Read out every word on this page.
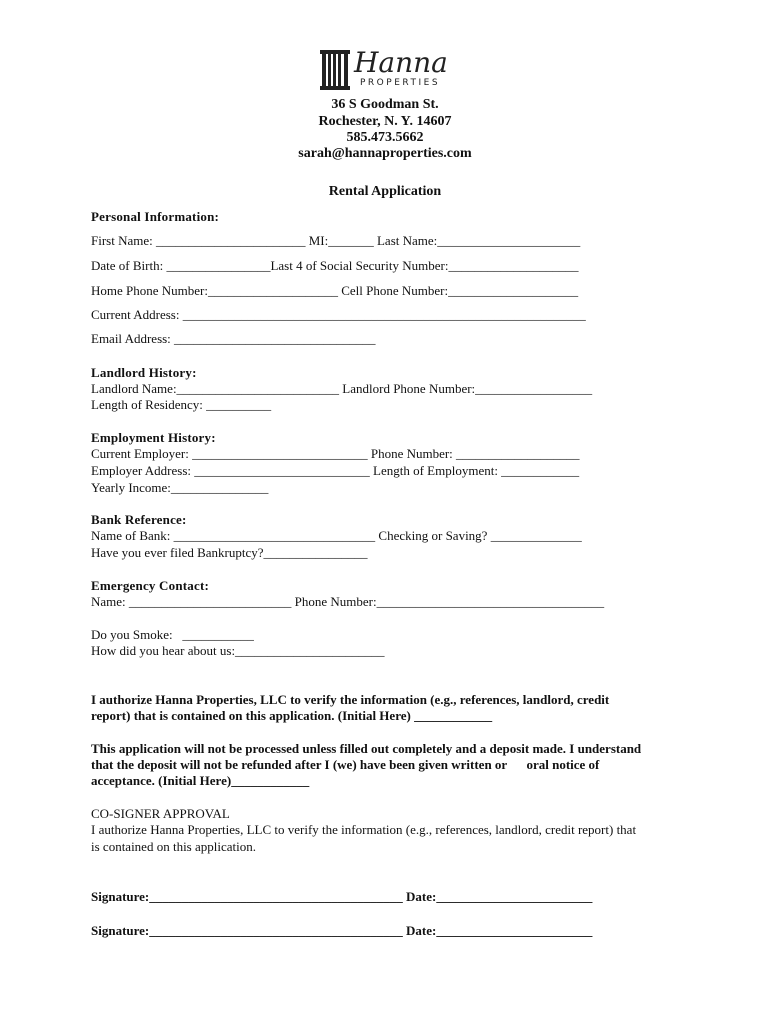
Hanna
PROPERTIES
36 S Goodman St.
Rochester, N. Y. 14607
585.473.5662
sarah@hannaproperties.com
Rental Application
Personal Information:
First Name: _______________________ MI:_______ Last Name:______________________
Date of Birth: ________________Last 4 of Social Security Number:____________________
Home Phone Number:____________________ Cell Phone Number:____________________
Current Address: ______________________________________________________________
Email Address: _______________________________
Landlord History:
Landlord Name:_________________________ Landlord Phone Number:__________________
Length of Residency: __________
Employment History:
Current Employer: ___________________________ Phone Number: ___________________
Employer Address: ___________________________ Length of Employment: ____________
Yearly Income:_______________
Bank Reference:
Name of Bank: _______________________________ Checking or Saving? ______________
Have you ever filed Bankruptcy?________________
Emergency Contact:
Name: _________________________ Phone Number:___________________________________
Do you Smoke:   ___________
How did you hear about us:_______________________
I authorize Hanna Properties, LLC to verify the information (e.g., references, landlord, credit
report) that is contained on this application. (Initial Here) ____________
This application will not be processed unless filled out completely and a deposit made. I understand
that the deposit will not be refunded after I (we) have been given written or      oral notice of
acceptance. (Initial Here)____________
CO-SIGNER APPROVAL
I authorize Hanna Properties, LLC to verify the information (e.g., references, landlord, credit report) that
is contained on this application.
Signature:_______________________________________ Date:________________________
Signature:_______________________________________ Date:________________________
